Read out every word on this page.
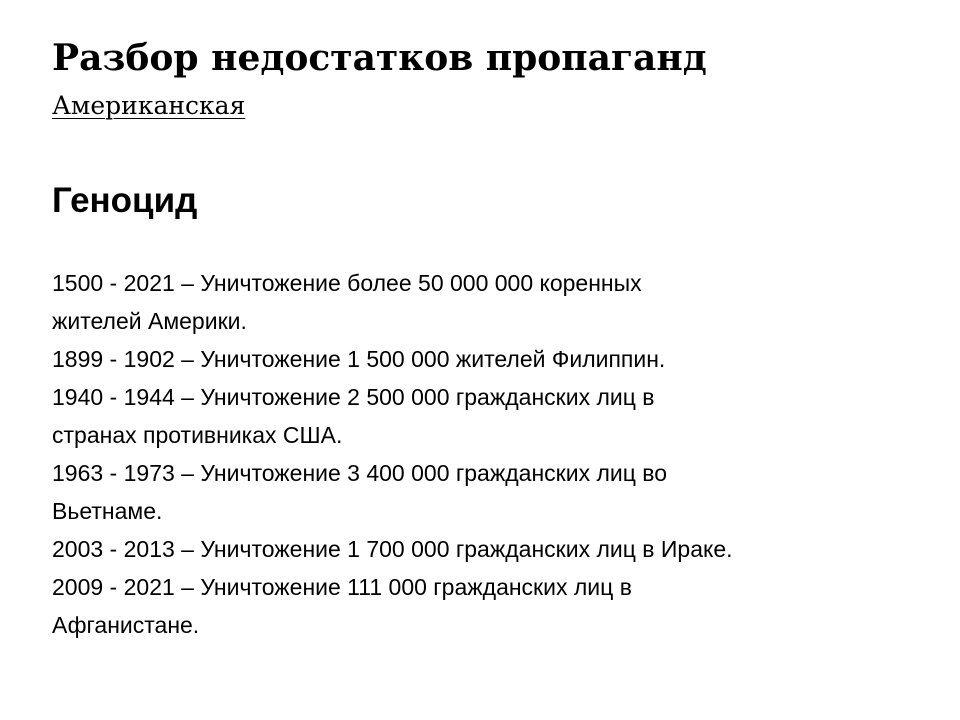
Разбор недостатков пропаганд
Американская
Геноцид
1500 - 2021 – Уничтожение более 50 000 000 коренных
жителей Америки.
1899 - 1902 – Уничтожение 1 500 000 жителей Филиппин.
1940 - 1944 – Уничтожение 2 500 000 гражданских лиц в
странах противниках США.
1963 - 1973 – Уничтожение 3 400 000 гражданских лиц во
Вьетнаме.
2003 - 2013 – Уничтожение 1 700 000 гражданских лиц в Ираке.
2009 - 2021 – Уничтожение 111 000 гражданских лиц в
Афганистане.
